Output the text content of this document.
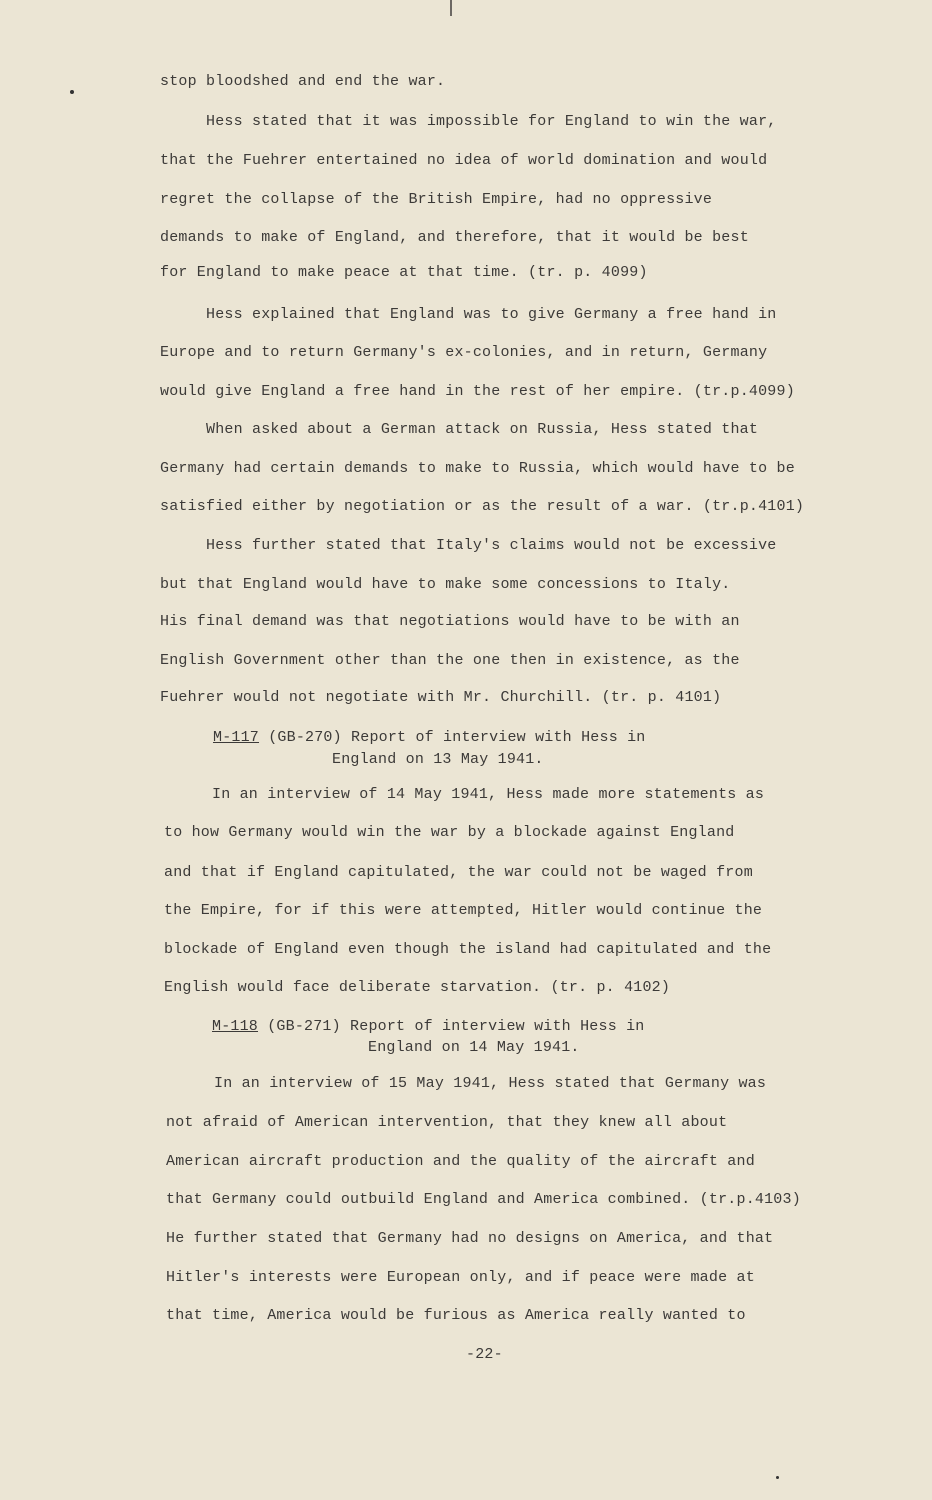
stop bloodshed and end the war.
Hess stated that it was impossible for England to win the war,
that the Fuehrer entertained no idea of world domination and would
regret the collapse of the British Empire, had no oppressive
demands to make of England, and therefore, that it would be best
for England to make peace at that time. (tr. p. 4099)
Hess explained that England was to give Germany a free hand in
Europe and to return Germany's ex-colonies, and in return, Germany
would give England a free hand in the rest of her empire. (tr.p.4099)
When asked about a German attack on Russia, Hess stated that
Germany had certain demands to make to Russia, which would have to be
satisfied either by negotiation or as the result of a war. (tr.p.4101)
Hess further stated that Italy's claims would not be excessive
but that England would have to make some concessions to Italy.
His final demand was that negotiations would have to be with an
English Government other than the one then in existence, as the
Fuehrer would not negotiate with Mr. Churchill. (tr. p. 4101)
M-117 (GB-270) Report of interview with Hess in
England on 13 May 1941.
In an interview of 14 May 1941, Hess made more statements as
to how Germany would win the war by a blockade against England
and that if England capitulated, the war could not be waged from
the Empire, for if this were attempted, Hitler would continue the
blockade of England even though the island had capitulated and the
English would face deliberate starvation. (tr. p. 4102)
M-118 (GB-271) Report of interview with Hess in
England on 14 May 1941.
In an interview of 15 May 1941, Hess stated that Germany was
not afraid of American intervention, that they knew all about
American aircraft production and the quality of the aircraft and
that Germany could outbuild England and America combined. (tr.p.4103)
He further stated that Germany had no designs on America, and that
Hitler's interests were European only, and if peace were made at
that time, America would be furious as America really wanted to
-22-
